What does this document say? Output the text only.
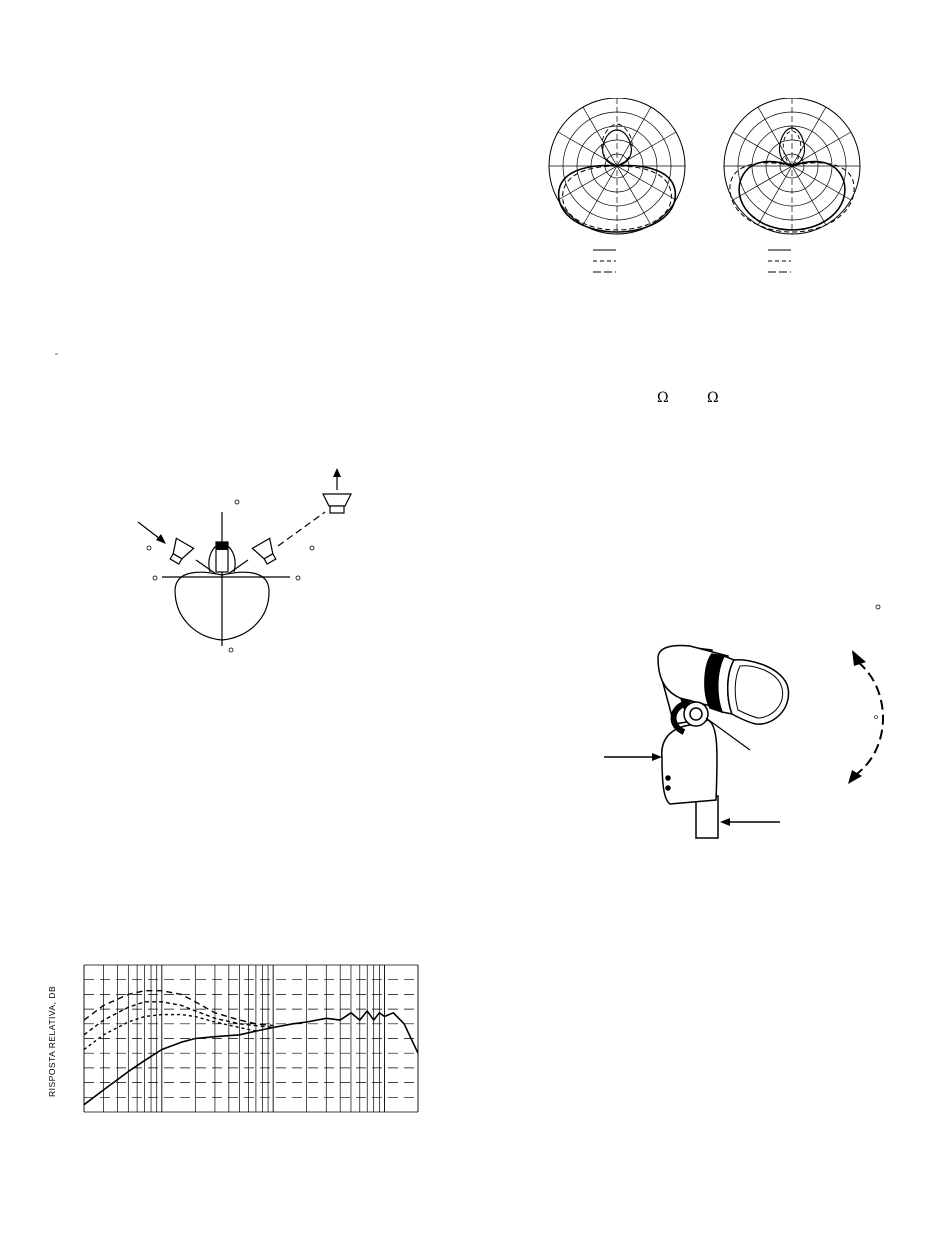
°
Ω	Ω
RISPOSTA RELATIVA, DB
